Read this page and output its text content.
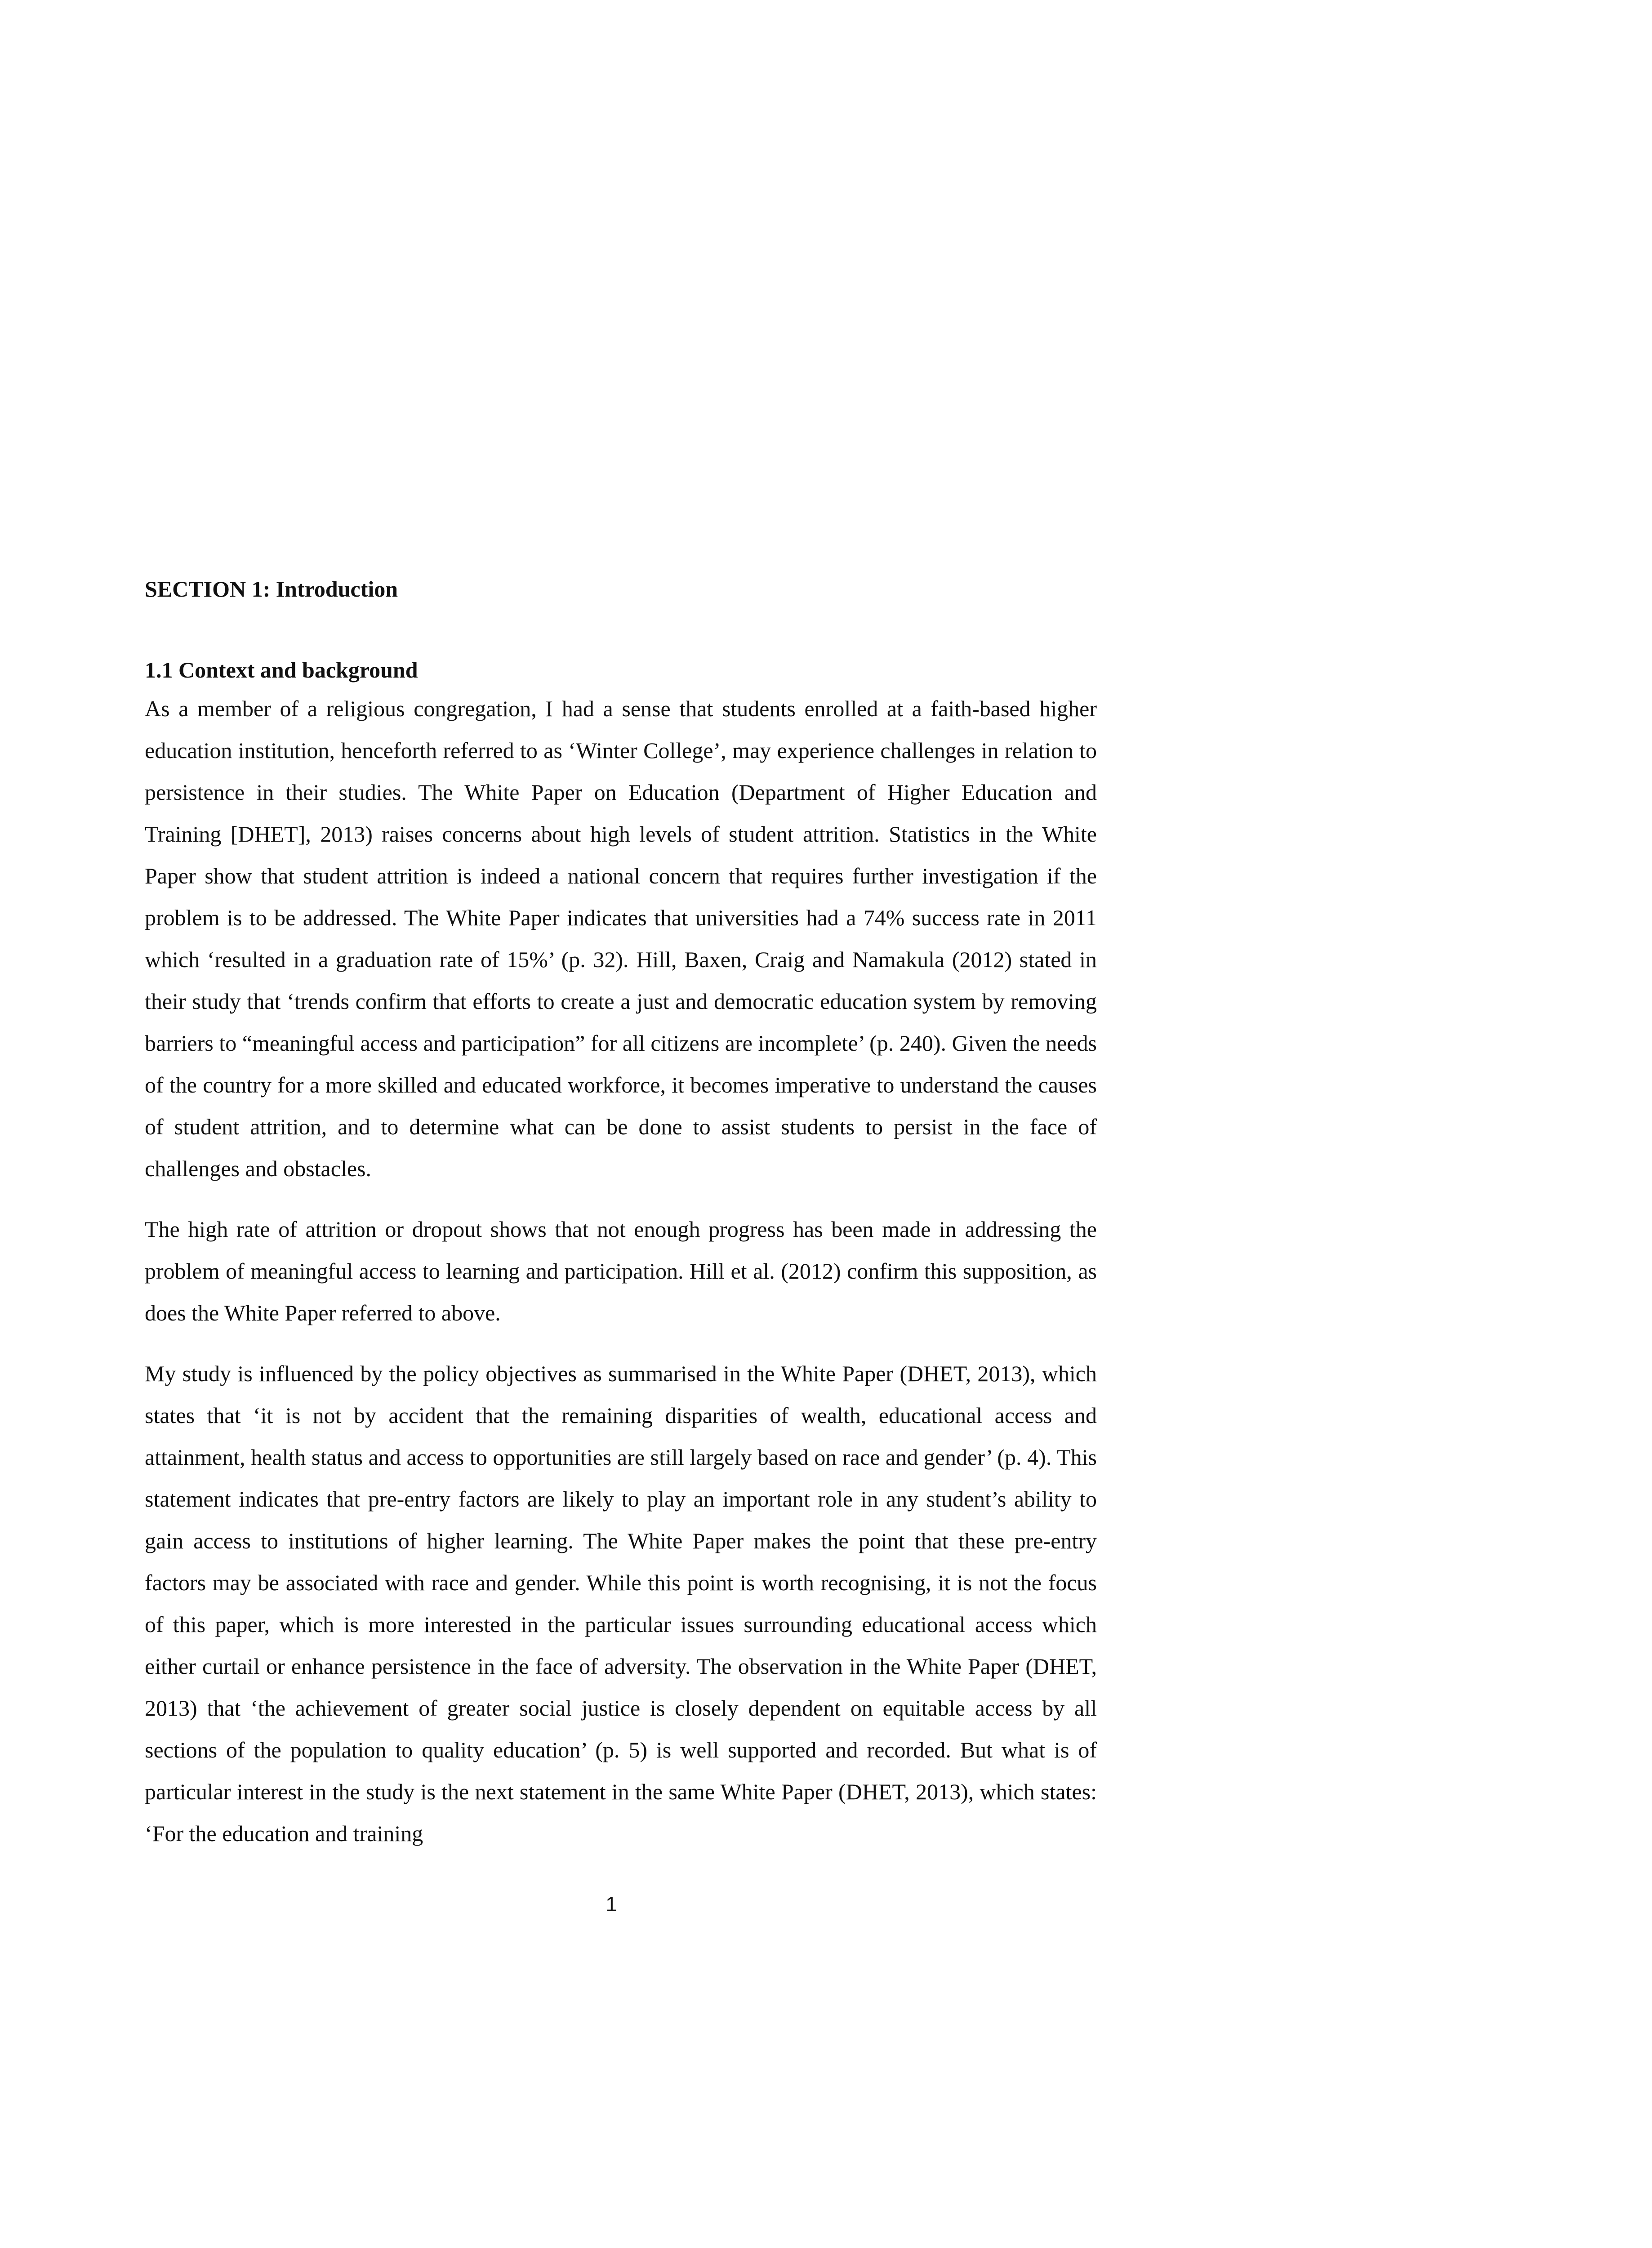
SECTION 1: Introduction
1.1 Context and background

As a member of a religious congregation, I had a sense that students enrolled at a faith-based higher education institution, henceforth referred to as ‘Winter College’, may experience challenges in relation to persistence in their studies. The White Paper on Education (Department of Higher Education and Training [DHET], 2013) raises concerns about high levels of student attrition. Statistics in the White Paper show that student attrition is indeed a national concern that requires further investigation if the problem is to be addressed. The White Paper indicates that universities had a 74% success rate in 2011 which ‘resulted in a graduation rate of 15%’ (p. 32). Hill, Baxen, Craig and Namakula (2012) stated in their study that ‘trends confirm that efforts to create a just and democratic education system by removing barriers to “meaningful access and participation” for all citizens are incomplete’ (p. 240). Given the needs of the country for a more skilled and educated workforce, it becomes imperative to understand the causes of student attrition, and to determine what can be done to assist students to persist in the face of challenges and obstacles.

The high rate of attrition or dropout shows that not enough progress has been made in addressing the problem of meaningful access to learning and participation. Hill et al. (2012) confirm this supposition, as does the White Paper referred to above.

My study is influenced by the policy objectives as summarised in the White Paper (DHET, 2013), which states that ‘it is not by accident that the remaining disparities of wealth, educational access and attainment, health status and access to opportunities are still largely based on race and gender’ (p. 4). This statement indicates that pre-entry factors are likely to play an important role in any student’s ability to gain access to institutions of higher learning. The White Paper makes the point that these pre-entry factors may be associated with race and gender. While this point is worth recognising, it is not the focus of this paper, which is more interested in the particular issues surrounding educational access which either curtail or enhance persistence in the face of adversity. The observation in the White Paper (DHET, 2013) that ‘the achievement of greater social justice is closely dependent on equitable access by all sections of the population to quality education’ (p. 5) is well supported and recorded. But what is of particular interest in the study is the next statement in the same White Paper (DHET, 2013), which states: ‘For the education and training

1
